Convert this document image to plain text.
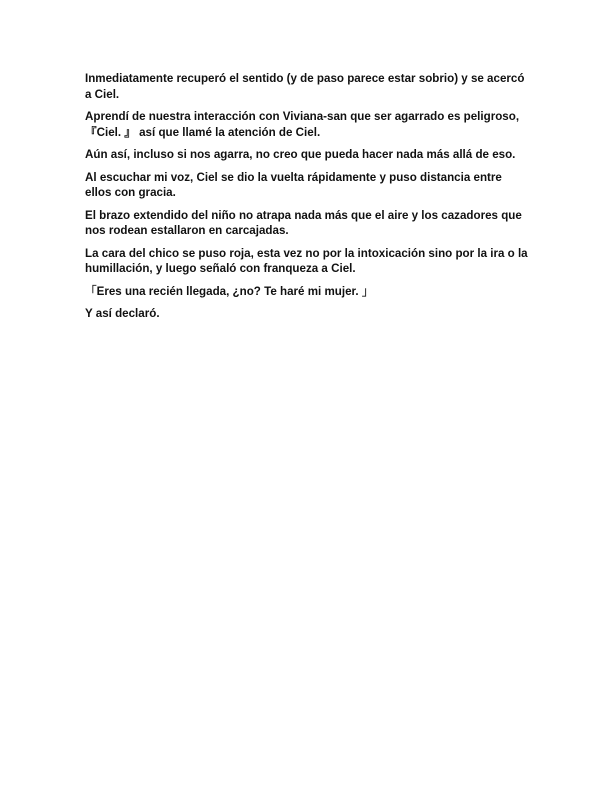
Inmediatamente recuperó el sentido (y de paso parece estar sobrio) y se acercó a Ciel.

Aprendí de nuestra interacción con Viviana-san que ser agarrado es peligroso, 『Ciel. 』 así que llamé la atención de Ciel.

Aún así, incluso si nos agarra, no creo que pueda hacer nada más allá de eso.

Al escuchar mi voz, Ciel se dio la vuelta rápidamente y puso distancia entre ellos con gracia.

El brazo extendido del niño no atrapa nada más que el aire y los cazadores que nos rodean estallaron en carcajadas.

La cara del chico se puso roja, esta vez no por la intoxicación sino por la ira o la humillación, y luego señaló con franqueza a Ciel.

「Eres una recién llegada, ¿no? Te haré mi mujer. 」

Y así declaró.
